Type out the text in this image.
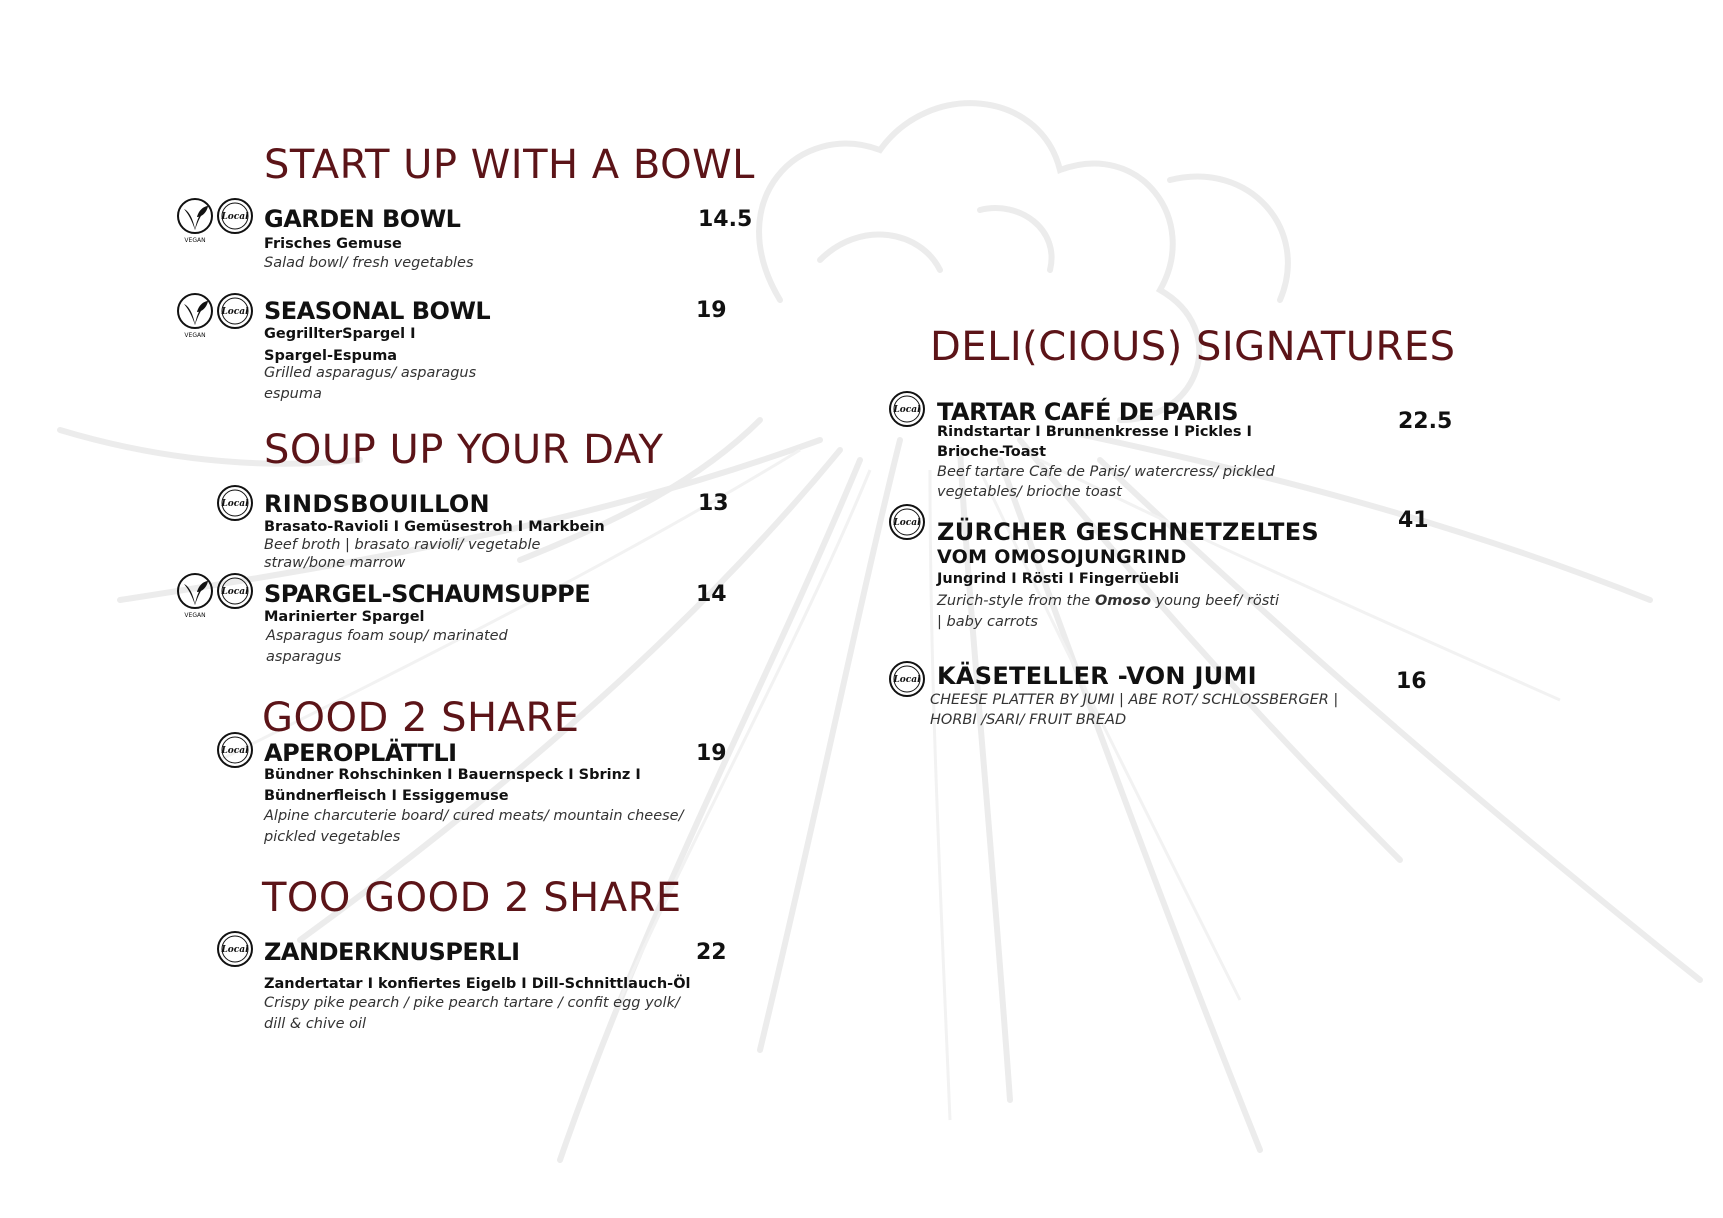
START UP WITH A BOWL
VEGAN
Local GARDEN BOWL	14.5
Frisches Gemuse
Salad bowl/ fresh vegetables
VEGAN
Local SEASONAL BOWL	19
GegrillterSpargel I Spargel-Espuma
Grilled asparagus/ asparagus espuma
SOUP UP YOUR DAY
Local RINDSBOUILLON	13
Brasato-Ravioli I Gemüsestroh I Markbein
Beef broth | brasato ravioli/ vegetable straw/bone marrow
VEGAN
Local SPARGEL-SCHAUMSUPPE	14
Marinierter Spargel
Asparagus foam soup/ marinated asparagus
GOOD 2 SHARE
Local APEROPLÄTTLI	19
Bündner Rohschinken I Bauernspeck I Sbrinz I Bündnerfleisch I Essiggemuse
Alpine charcuterie board/ cured meats/ mountain cheese/ pickled vegetables
TOO GOOD 2 SHARE
Local ZANDERKNUSPERLI	22
Zandertatar I konfiertes Eigelb I Dill-Schnittlauch-Öl
Crispy pike pearch / pike pearch tartare / confit egg yolk/ dill & chive oil
DELI(CIOUS) SIGNATURES
Local TARTAR CAFÉ DE PARIS	22.5
Rindstartar I Brunnenkresse I Pickles I Brioche-Toast
Beef tartare Cafe de Paris/ watercress/ pickled vegetables/ brioche toast
Local ZÜRCHER GESCHNETZELTES
VOM OMOSOJUNGRIND
41
Jungrind I Rösti I Fingerrüebli
Zurich-style from the Omoso young beef/ rösti | baby carrots
Local KÄSETELLER -VON JUMI	16
CHEESE PLATTER BY JUMI | ABE ROT/ SCHLOSSBERGER | HORBI /SARI/ FRUIT BREAD
